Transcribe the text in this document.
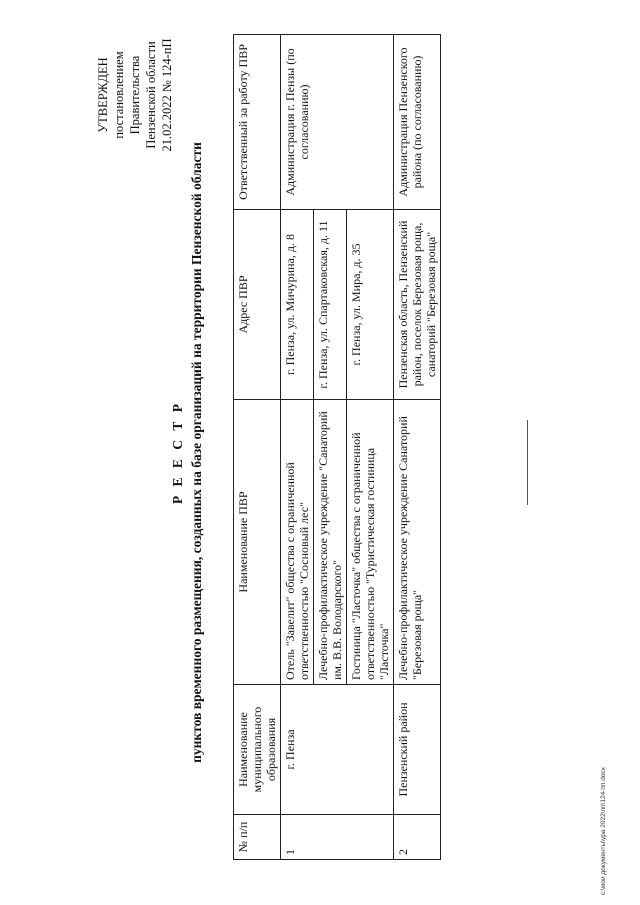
УТВЕРЖДЕН постановлением Правительства Пензенской области 21.02.2022 № 124-пП
Р Е Е С Т Р пунктов временного размещения, созданных на базе организаций на территории Пензенской области
№ п/п	Наименование муниципального образования	Наименование ПВР	Адрес ПВР	Ответственный за работу ПВР
1	г. Пенза	Отель "Завелит" общества с ограниченной ответственностью "Сосновый лес"	г. Пенза, ул. Мичурина, д. 8	Администрация г. Пензы (по согласованию)
		Лечебно-профилактическое учреждение "Санаторий им. В.В. Володарского"	г. Пенза, ул. Спартаковская, д. 11	
		Гостиница "Ласточка" общества с ограниченной ответственностью "Туристическая гостиница "Ласточка"	г. Пенза, ул. Мира, д. 35	
2	Пензенский район	Лечебно-профилактическое учреждение Санаторий "Березовая роща"	Пензенская область, Пензенский район, поселок Березовая роща, санаторий "Березовая роща"	Администрация Пензенского района (по согласованию)
c:\мои документы\ура 2022\пп\124-пп.docx
